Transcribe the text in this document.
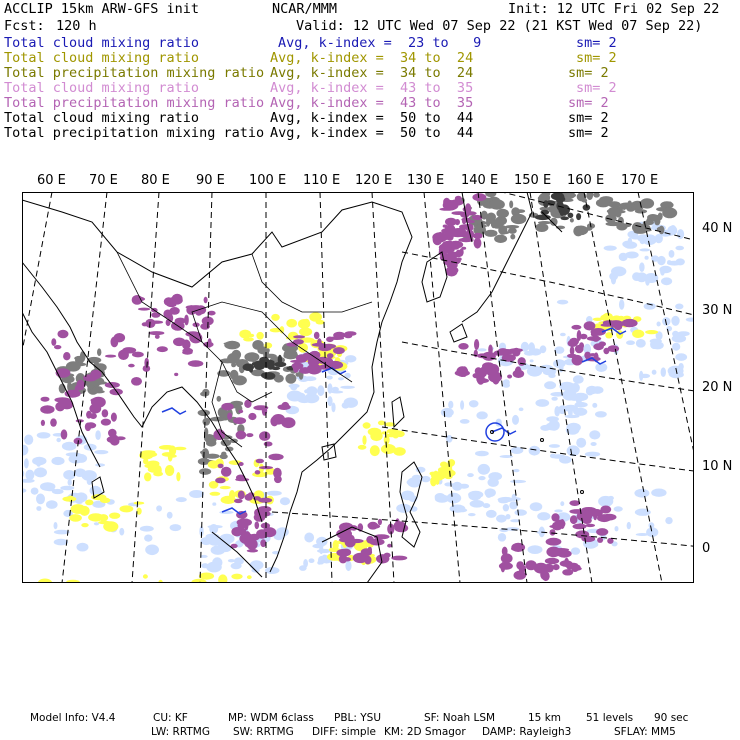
ACCLIP 15km ARW-GFS init	NCAR/MMM	Init: 12 UTC Fri 02 Sep 22
Fcst: 120 h	Valid: 12 UTC Wed 07 Sep 22 (21 KST Wed 07 Sep 22)
Total cloud mixing ratio	Avg, k-index =  23 to   9	sm= 2
Total cloud mixing ratio	Avg, k-index =  34 to  24	sm= 2
Total precipitation mixing ratio Avg, k-index =  34 to  24	sm= 2
Total cloud mixing ratio	Avg, k-index =  43 to  35	sm= 2
Total precipitation mixing ratio Avg, k-index =  43 to  35	sm= 2
Total cloud mixing ratio	Avg, k-index =  50 to  44	sm= 2
Total precipitation mixing ratio Avg, k-index =  50 to  44	sm= 2
60 E 70 E 80 E 90 E 100 E 110 E 120 E 130 E 140 E 150 E 160 E 170 E
40 N
30 N
20 N
10 N
0
Model Info: V4.4	CU: KF	MP: WDM 6class PBL: YSU	SF: Noah LSM	15 km 51 levels 90 sec
LW: RRTMG SW: RRTMG DIFF: simple KM: 2D Smagor DAMP: Rayleigh3	SFLAY: MM5
